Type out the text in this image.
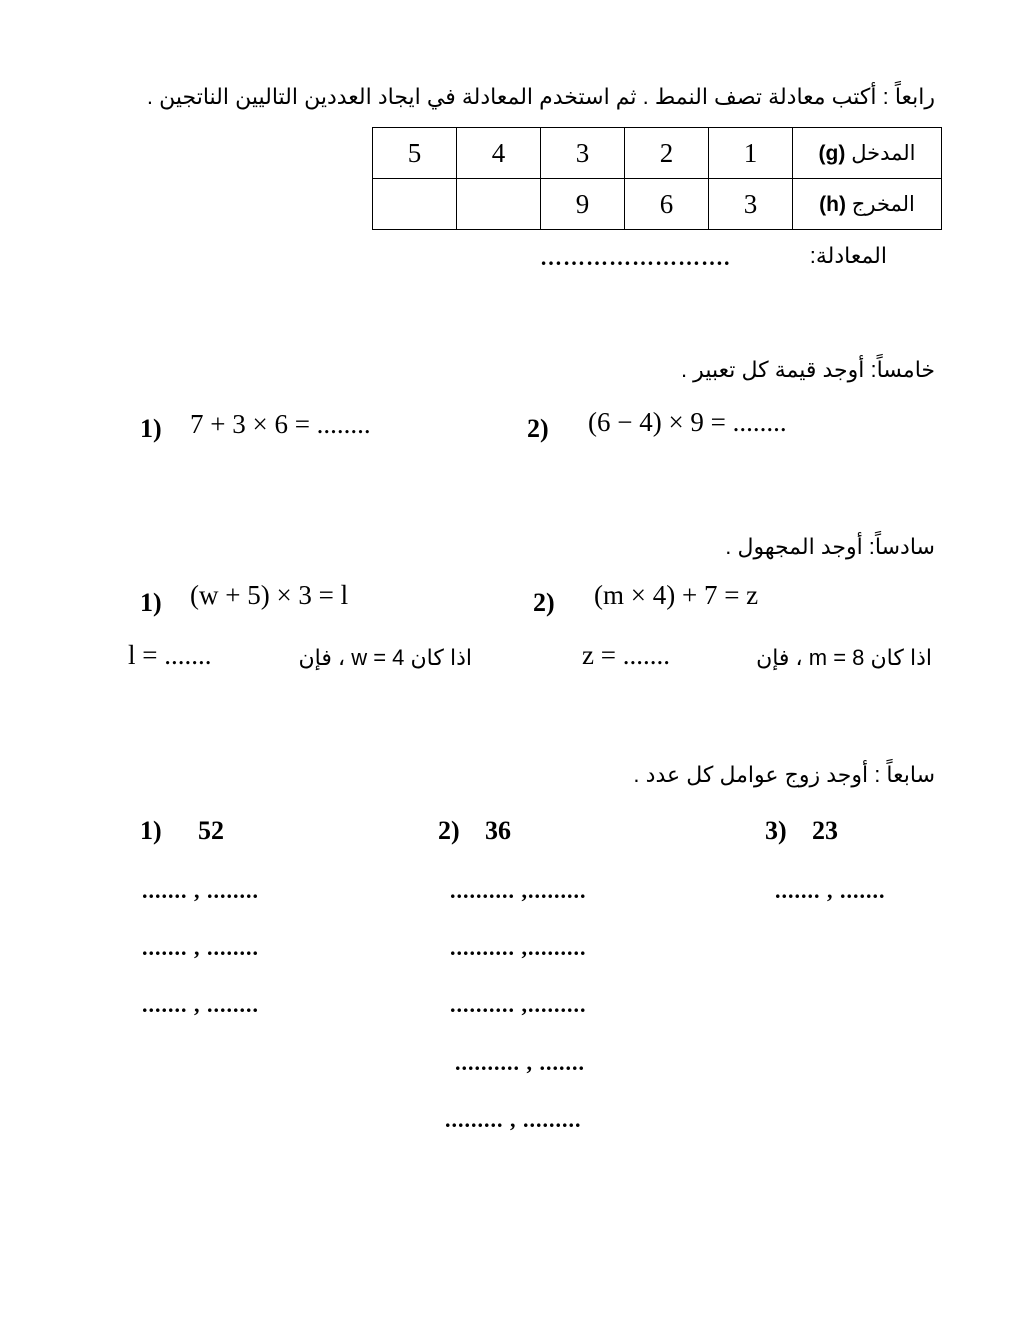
رابعاً : أكتب معادلة تصف النمط . ثم استخدم المعادلة في ايجاد العددين التاليين الناتجين .
المدخل (g)	1	2	3	4	5
المخرج (h)	3	6	9		
المعادلة:
…………………….
خامساً: أوجد قيمة كل تعبير .
1) 7 + 3 × 6 = ........	2) (6 − 4) × 9 = ........
سادساً: أوجد المجهول .
1) (w + 5) × 3 = l	2) (m × 4) + 7 = z
l = .......	اذا كان w = 4 ، فإن	z = .......	اذا كان m = 8 ، فإن
سابعاً : أوجد زوج عوامل كل عدد .
1) 52	2) 36	3) 23
....... , ........
....... , ........
....... , ........
.......... ,.........
.......... ,.........
.......... ,.........
.......... , .......
......... , .........
....... , .......
